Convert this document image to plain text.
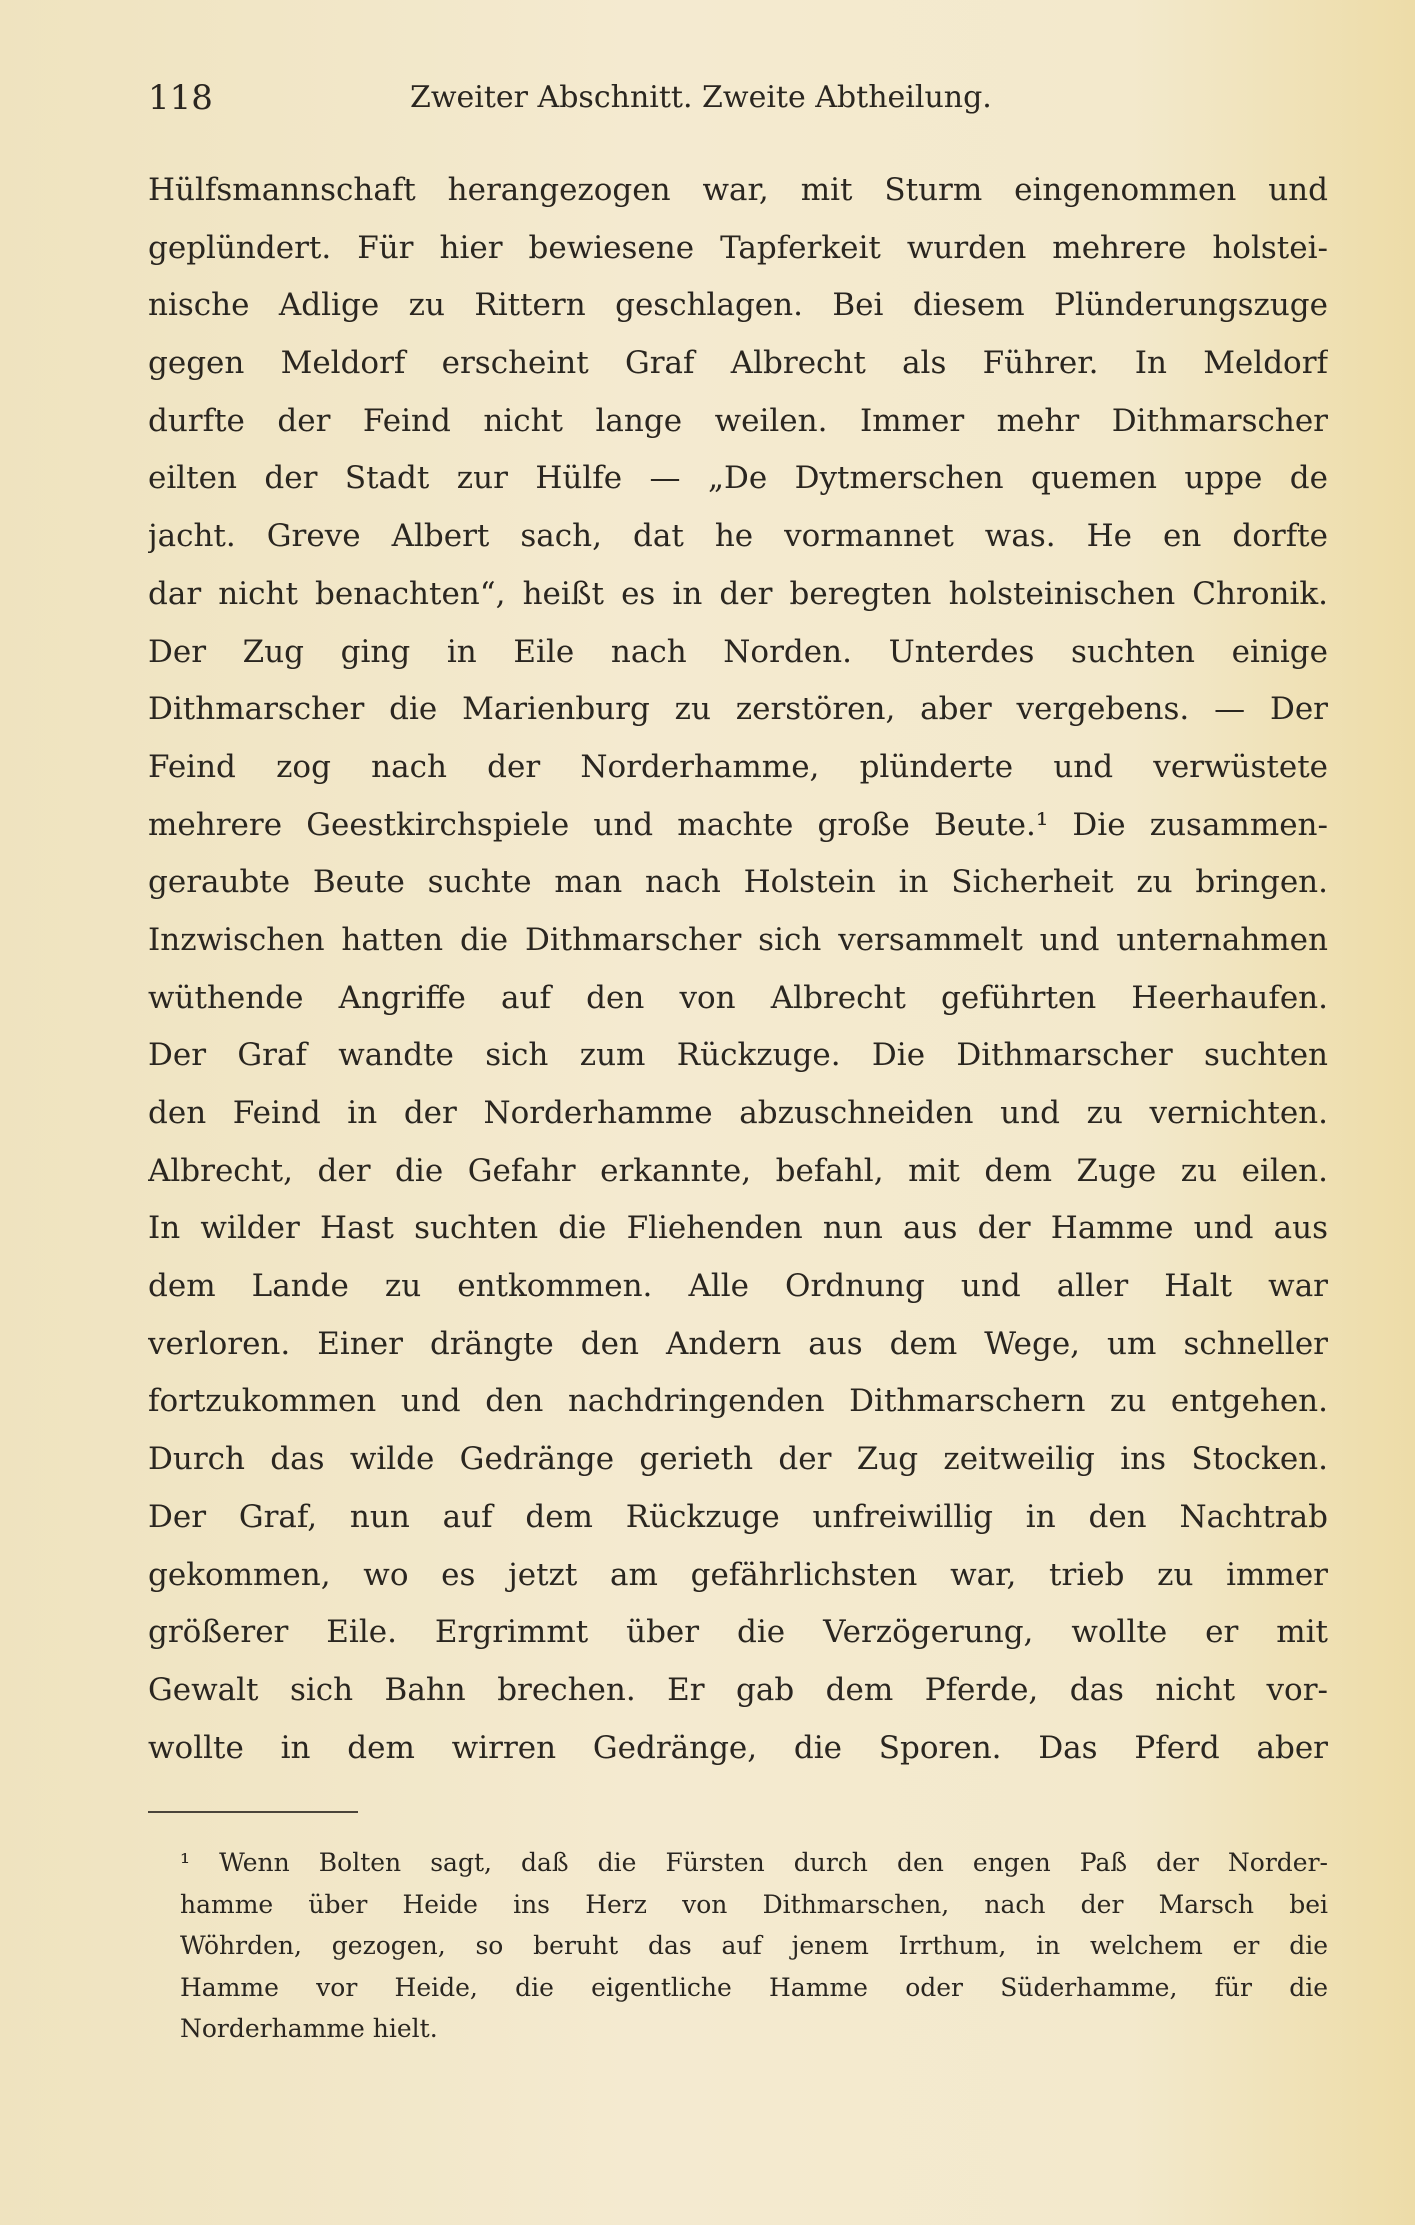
118	Zweiter Abschnitt. Zweite Abtheilung.
Hülfsmannschaft herangezogen war, mit Sturm eingenommen und
geplündert. Für hier bewiesene Tapferkeit wurden mehrere holstei-
nische Adlige zu Rittern geschlagen. Bei diesem Plünderungszuge
gegen Meldorf erscheint Graf Albrecht als Führer. In Meldorf
durfte der Feind nicht lange weilen. Immer mehr Dithmarscher
eilten der Stadt zur Hülfe — „De Dytmerschen quemen uppe de
jacht. Greve Albert sach, dat he vormannet was. He en dorfte
dar nicht benachten“, heißt es in der beregten holsteinischen Chronik.
Der Zug ging in Eile nach Norden. Unterdes suchten einige
Dithmarscher die Marienburg zu zerstören, aber vergebens. — Der
Feind zog nach der Norderhamme, plünderte und verwüstete
mehrere Geestkirchspiele und machte große Beute.¹ Die zusammen-
geraubte Beute suchte man nach Holstein in Sicherheit zu bringen.
Inzwischen hatten die Dithmarscher sich versammelt und unternahmen
wüthende Angriffe auf den von Albrecht geführten Heerhaufen.
Der Graf wandte sich zum Rückzuge. Die Dithmarscher suchten
den Feind in der Norderhamme abzuschneiden und zu vernichten.
Albrecht, der die Gefahr erkannte, befahl, mit dem Zuge zu eilen.
In wilder Hast suchten die Fliehenden nun aus der Hamme und aus
dem Lande zu entkommen. Alle Ordnung und aller Halt war
verloren. Einer drängte den Andern aus dem Wege, um schneller
fortzukommen und den nachdringenden Dithmarschern zu entgehen.
Durch das wilde Gedränge gerieth der Zug zeitweilig ins Stocken.
Der Graf, nun auf dem Rückzuge unfreiwillig in den Nachtrab
gekommen, wo es jetzt am gefährlichsten war, trieb zu immer
größerer Eile. Ergrimmt über die Verzögerung, wollte er mit
Gewalt sich Bahn brechen. Er gab dem Pferde, das nicht vor-
wollte in dem wirren Gedränge, die Sporen. Das Pferd aber
¹ Wenn Bolten sagt, daß die Fürsten durch den engen Paß der Norder-
hamme über Heide ins Herz von Dithmarschen, nach der Marsch bei
Wöhrden, gezogen, so beruht das auf jenem Irrthum, in welchem er die
Hamme vor Heide, die eigentliche Hamme oder Süderhamme, für die
Norderhamme hielt.
